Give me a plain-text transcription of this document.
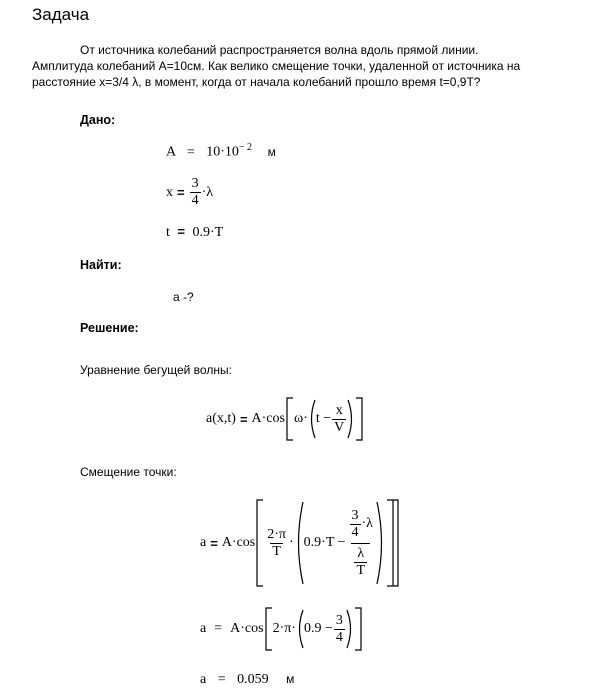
Задача
От источника колебаний распространяется волна вдоль прямой линии.
Амплитуда колебаний А=10см. Как велико смещение точки, удаленной от источника на
расстояние x=3/4 λ, в момент, когда от начала колебаний прошло время t=0,9T?
Дано:
$A = 10\cdot 10^{- 2}$ м
$x = \frac{3}{4} \cdot\lambda$
t = 0.9·T
Найти:
a -?
Решение:
Уравнение бегущей волны:
a(x,t) = A·cos $\omega\cdot t - \frac{x}{V}$
Смещение точки:
$a = A\cdot\cos \frac{2\cdot\pi}{T} \cdot 0.9\cdot T - \frac{\frac{3}{4} \cdot\lambda}{\frac{\lambda}{T}}$
a = A·cos $2\cdot\pi\cdot 0.9 - \frac{3}{4}$
a = 0.059 м
